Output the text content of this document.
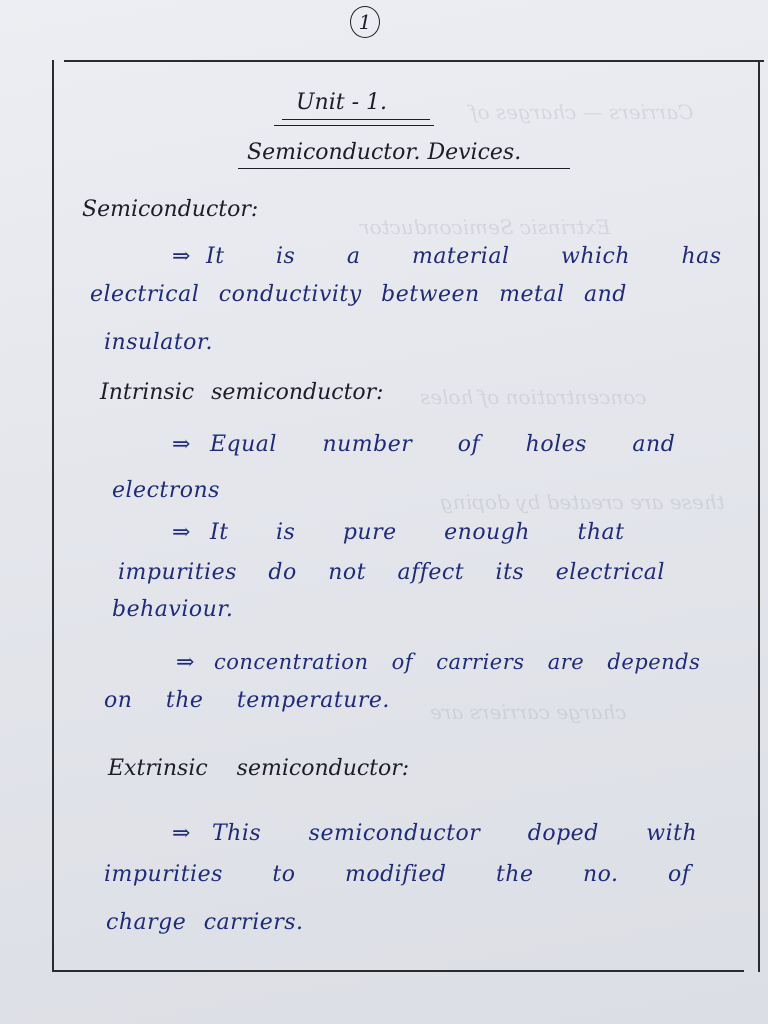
Carriers — charges of
Extrinsic Semiconductor
concentration of holes
these are created by doping
charge carriers are
1
Unit - 1.
Semiconductor. Devices.
Semiconductor:
⇒ It is a material which has
electrical conductivity between metal and
insulator.
Intrinsic semiconductor:
⇒ Equal number of holes and
electrons
⇒ It is pure enough that
impurities do not affect its electrical
behaviour.
⇒ concentration of carriers are depends
on the temperature.
Extrinsic semiconductor:
⇒ This semiconductor doped with
impurities to modified the no. of
charge carriers.
